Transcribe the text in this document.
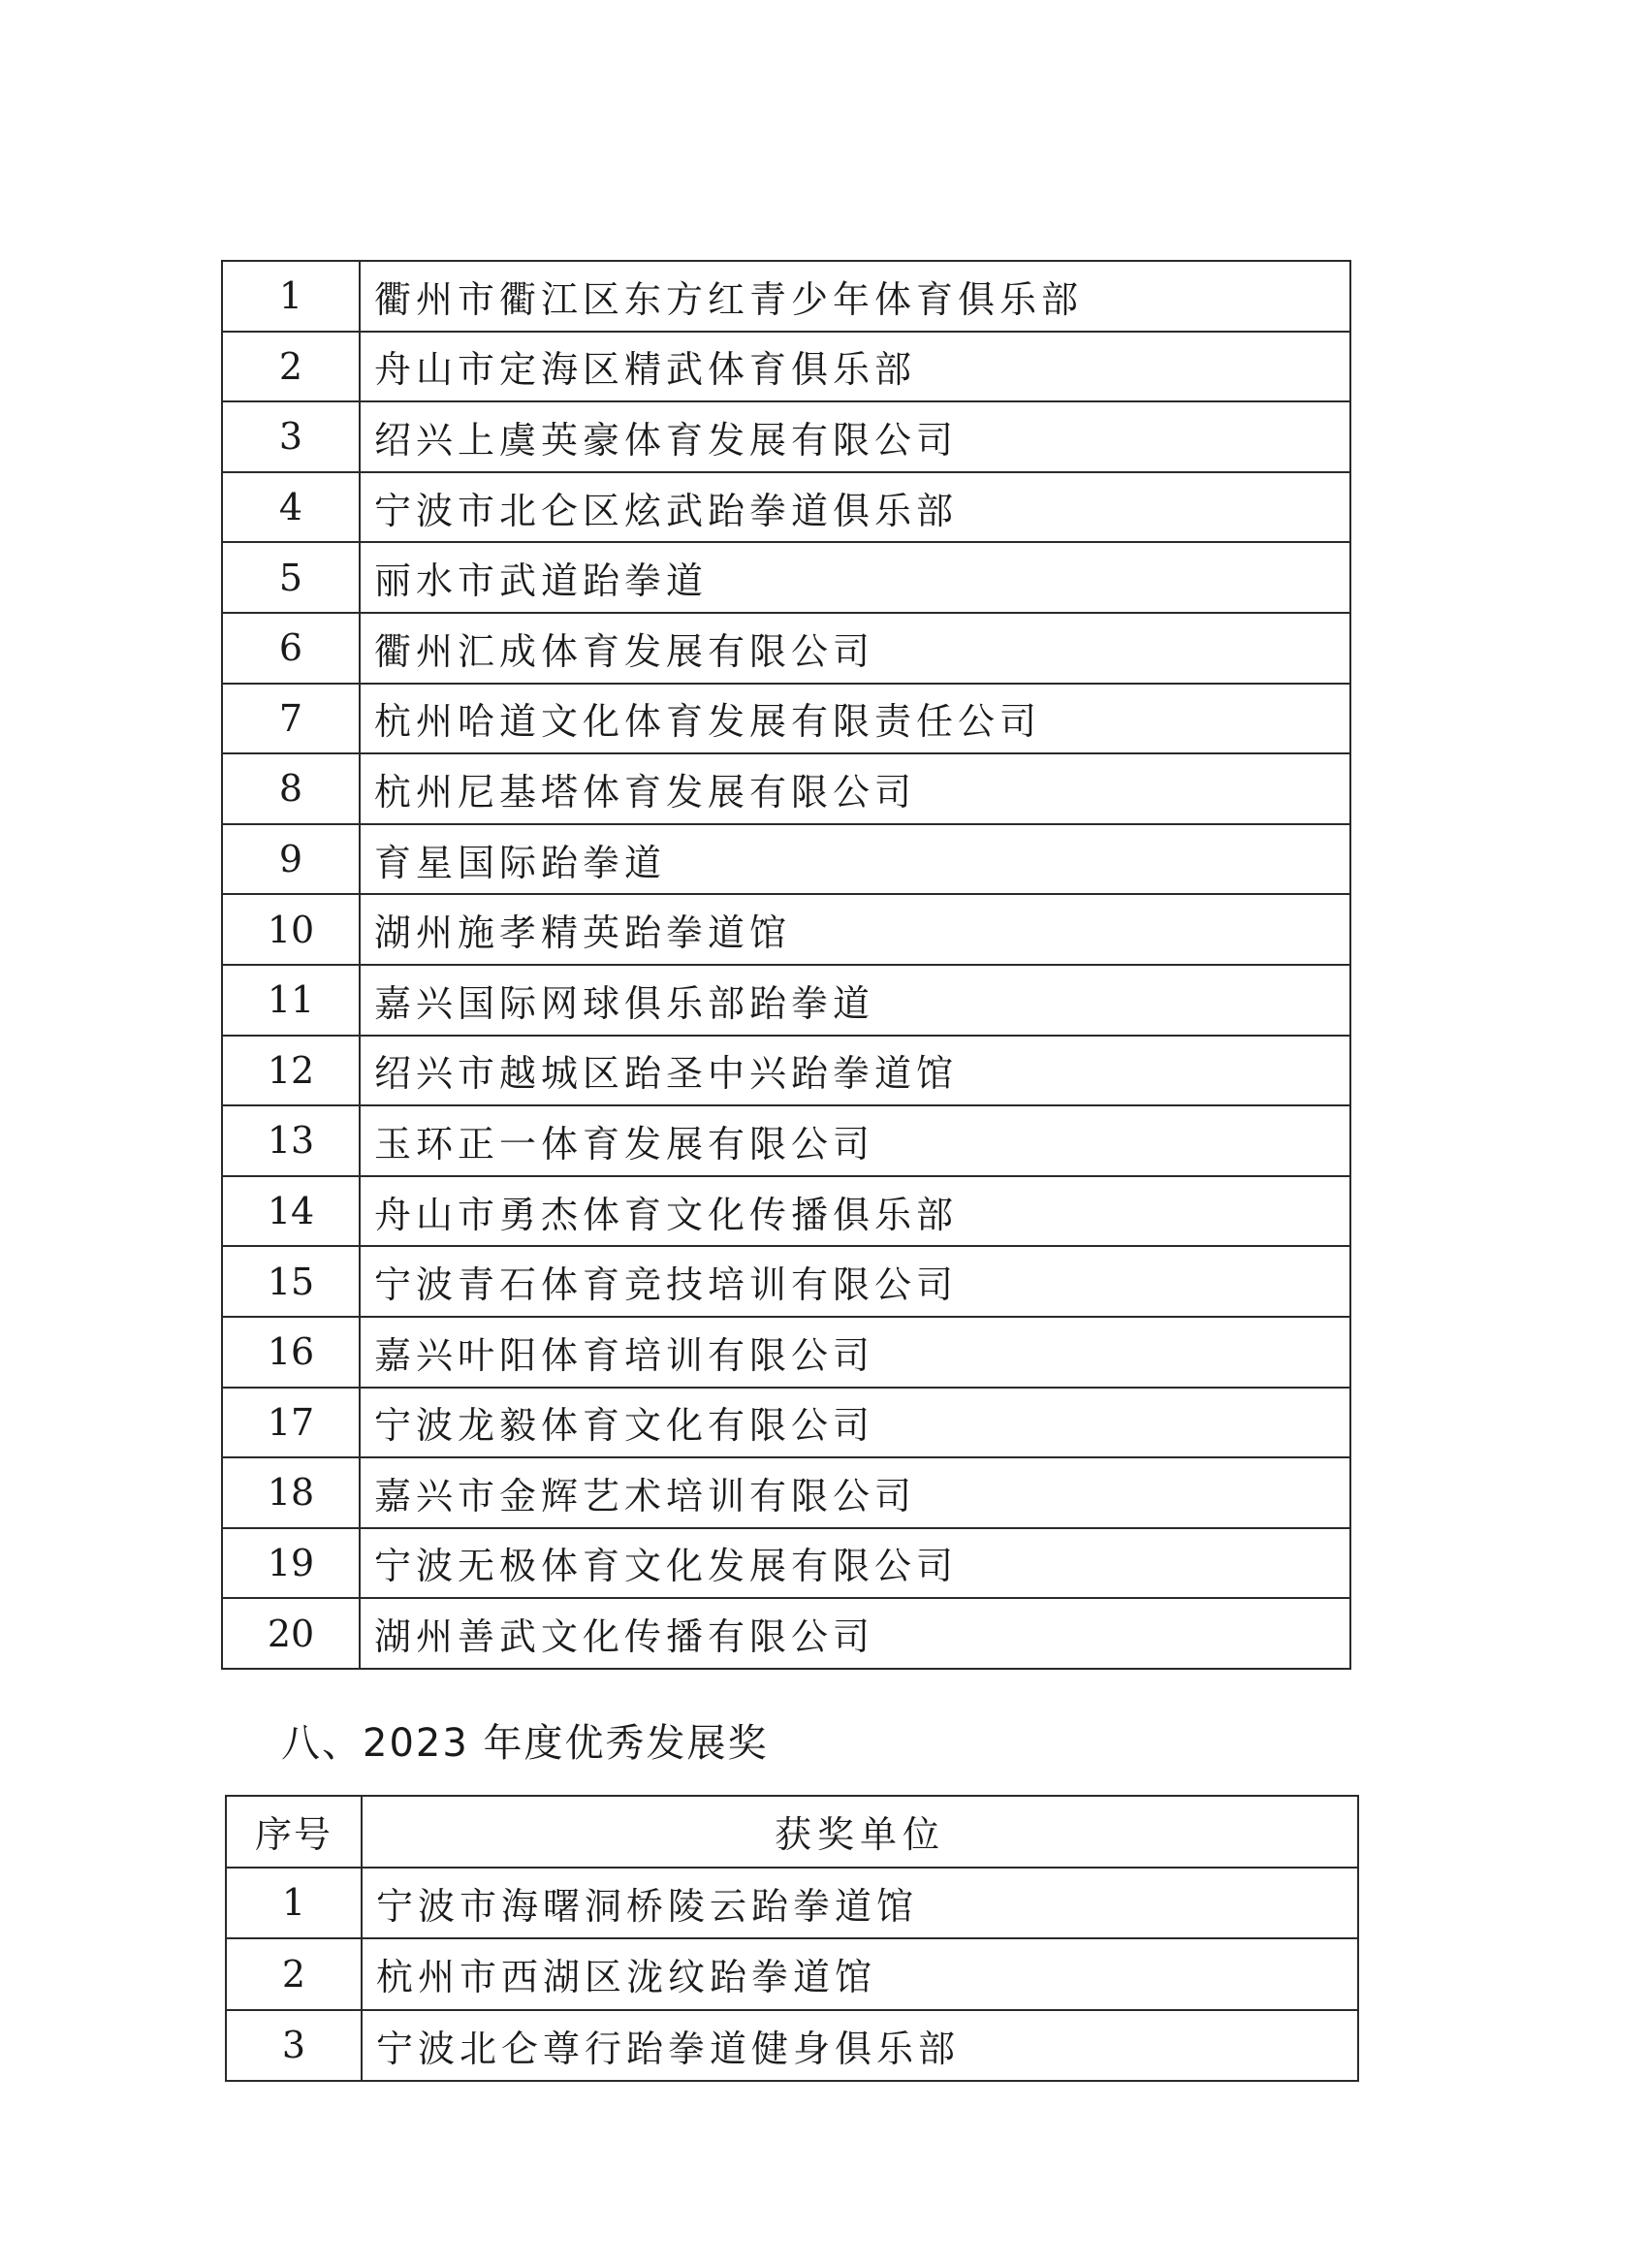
1	衢州市衢江区东方红青少年体育俱乐部
2	舟山市定海区精武体育俱乐部
3	绍兴上虞英豪体育发展有限公司
4	宁波市北仑区炫武跆拳道俱乐部
5	丽水市武道跆拳道
6	衢州汇成体育发展有限公司
7	杭州哈道文化体育发展有限责任公司
8	杭州尼基塔体育发展有限公司
9	育星国际跆拳道
10	湖州施孝精英跆拳道馆
11	嘉兴国际网球俱乐部跆拳道
12	绍兴市越城区跆圣中兴跆拳道馆
13	玉环正一体育发展有限公司
14	舟山市勇杰体育文化传播俱乐部
15	宁波青石体育竞技培训有限公司
16	嘉兴叶阳体育培训有限公司
17	宁波龙毅体育文化有限公司
18	嘉兴市金辉艺术培训有限公司
19	宁波无极体育文化发展有限公司
20	湖州善武文化传播有限公司
八、2023 年度优秀发展奖
序号	获奖单位
1	宁波市海曙洞桥陵云跆拳道馆
2	杭州市西湖区泷纹跆拳道馆
3	宁波北仑尊行跆拳道健身俱乐部
